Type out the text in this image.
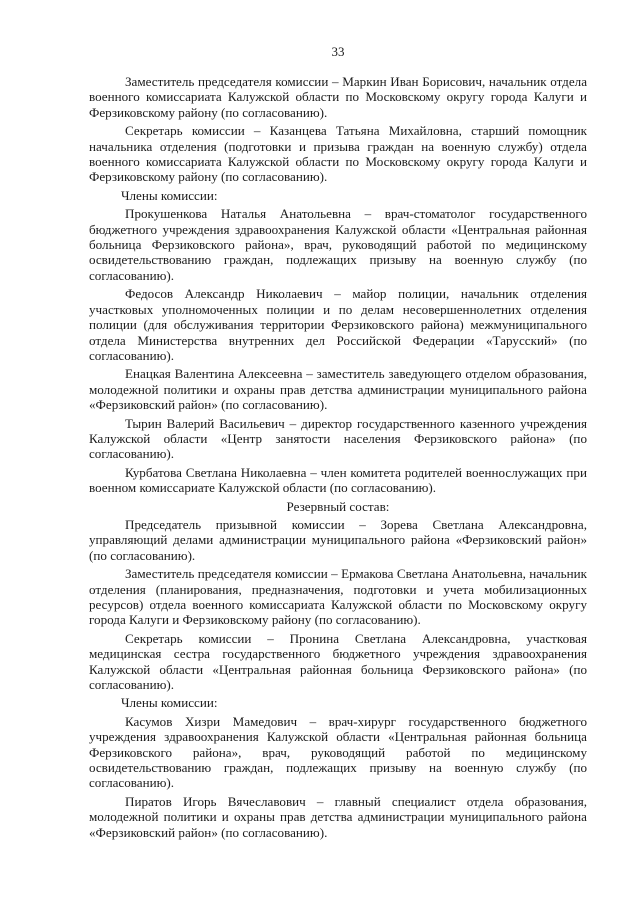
33

Заместитель председателя комиссии – Маркин Иван Борисович, начальник отдела военного комиссариата Калужской области по Московскому округу города Калуги и Ферзиковскому району (по согласованию).

Секретарь комиссии – Казанцева Татьяна Михайловна, старший помощник начальника отделения (подготовки и призыва граждан на военную службу) отдела военного комиссариата Калужской области по Московскому округу города Калуги и Ферзиковскому району (по согласованию).

Члены комиссии:

Прокушенкова Наталья Анатольевна – врач-стоматолог государственного бюджетного учреждения здравоохранения Калужской области «Центральная районная больница Ферзиковского района», врач, руководящий работой по медицинскому освидетельствованию граждан, подлежащих призыву на военную службу (по согласованию).

Федосов Александр Николаевич – майор полиции, начальник отделения участковых уполномоченных полиции и по делам несовершеннолетних отделения полиции (для обслуживания территории Ферзиковского района) межмуниципального отдела Министерства внутренних дел Российской Федерации «Тарусский» (по согласованию).

Енацкая Валентина Алексеевна – заместитель заведующего отделом образования, молодежной политики и охраны прав детства администрации муниципального района «Ферзиковский район» (по согласованию).

Тырин Валерий Васильевич – директор государственного казенного учреждения Калужской области «Центр занятости населения Ферзиковского района» (по согласованию).

Курбатова Светлана Николаевна – член комитета родителей военнослужащих при военном комиссариате Калужской области (по согласованию).

Резервный состав:

Председатель призывной комиссии – Зорева Светлана Александровна, управляющий делами администрации муниципального района «Ферзиковский район» (по согласованию).

Заместитель председателя комиссии – Ермакова Светлана Анатольевна, начальник отделения (планирования, предназначения, подготовки и учета мобилизационных ресурсов) отдела военного комиссариата Калужской области по Московскому округу города Калуги и Ферзиковскому району (по согласованию).

Секретарь комиссии – Пронина Светлана Александровна, участковая медицинская сестра государственного бюджетного учреждения здравоохранения Калужской области «Центральная районная больница Ферзиковского района» (по согласованию).

Члены комиссии:

Касумов Хизри Мамедович – врач-хирург государственного бюджетного учреждения здравоохранения Калужской области «Центральная районная больница Ферзиковского района», врач, руководящий работой по медицинскому освидетельствованию граждан, подлежащих призыву на военную службу (по согласованию).

Пиратов Игорь Вячеславович – главный специалист отдела образования, молодежной политики и охраны прав детства администрации муниципального района «Ферзиковский район» (по согласованию).
